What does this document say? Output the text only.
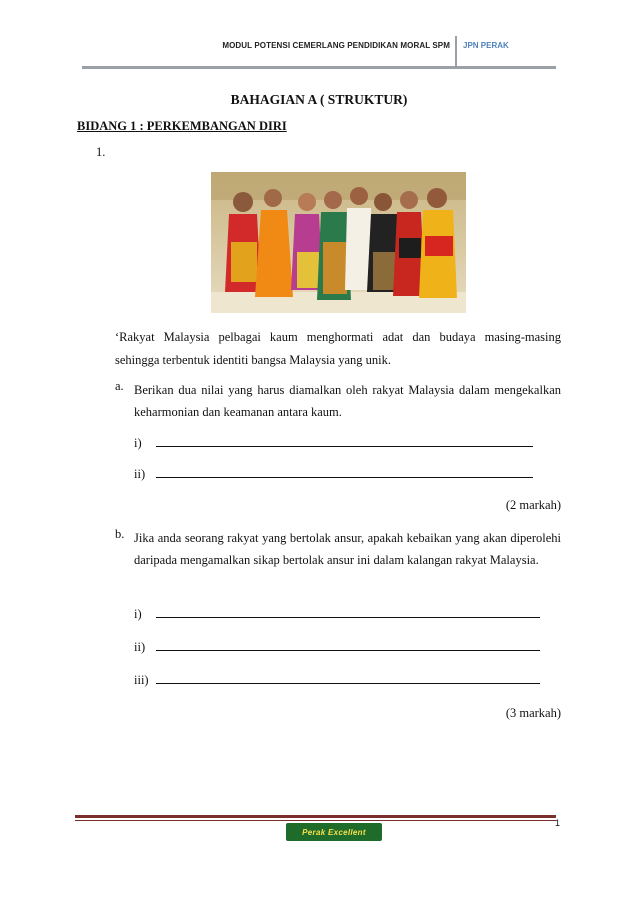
MODUL POTENSI CEMERLANG PENDIDIKAN MORAL SPM JPN PERAK
BAHAGIAN A ( STRUKTUR)
BIDANG 1 : PERKEMBANGAN DIRI
1.
‘Rakyat Malaysia pelbagai kaum menghormati adat dan budaya masing-masing
sehingga terbentuk identiti bangsa Malaysia yang unik.
a. Berikan dua nilai yang harus diamalkan oleh rakyat Malaysia dalam mengekalkan keharmonian dan keamanan antara kaum.
i)
ii)
(2 markah)
b. Jika anda seorang rakyat yang bertolak ansur, apakah kebaikan yang akan diperolehi daripada mengamalkan sikap bertolak ansur ini dalam kalangan rakyat Malaysia.
i)
ii)
iii)
(3 markah)
Perak Excellent
1
